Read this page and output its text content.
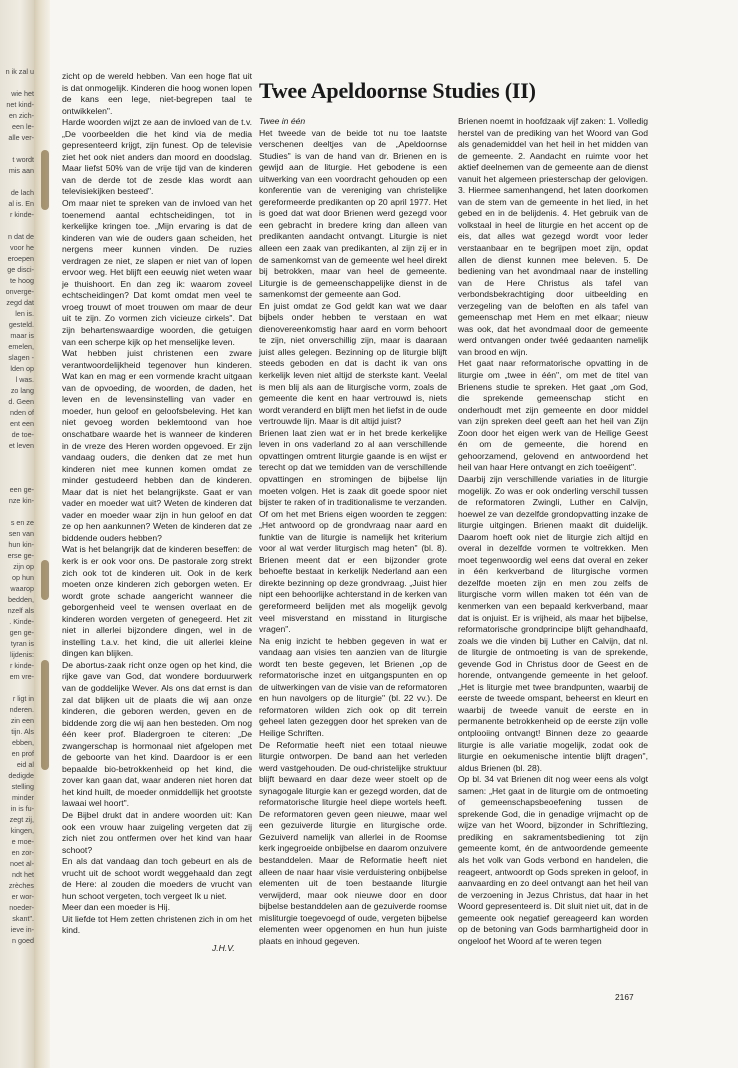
n ik zal u

wie het
net kind-
en zich-
een le-
alle ver-

t wordt
mis aan

de lach
al is. En
r kinde-

n dat de
voor he
eroepen
ge disci-
te hoog
onverge-
zegd dat
len is.
gesteld.
maar is
emelen,
slagen -
lden op
l was.
zo lang
d. Geen
nden of
ent een
de toe-
et leven

een ge-
nze kin-

s en ze
sen van
hun kin-
erse ge-
zijn op
op hun
waarop
bedden,
nzelf als
. Kinde-
gen ge-
tyran is
lijdenis:
r kinde-
em vre-

r ligt in
nderen.
zin een
tijn. Als
ebben,
en prof
eid al
dedigde
stelling
minder
in is fu-
zegt zij,
kingen,
e moe-
en zor-
noet al-
ndt het
zrèches
er wor-
noeder-
skant".
ieve in-
n goed

zicht op de wereld hebben. Van een hoge flat uit is dat onmogelijk. Kinderen die hoog wonen lopen de kans een lege, niet-begrepen taal te ontwikkelen".

Harde woorden wijzt ze aan de invloed van de t.v. „De voorbeelden die het kind via de media gepresenteerd krijgt, zijn funest. Op de televisie ziet het ook niet anders dan moord en doodslag. Maar liefst 50% van de vrije tijd van de kinderen van de derde tot de zesde klas wordt aan televisiekijken besteed".

Om maar niet te spreken van de invloed van het toenemend aantal echtscheidingen, tot in kerkelijke kringen toe. „Mijn ervaring is dat de kinderen van wie de ouders gaan scheiden, het nergens meer kunnen vinden. De ruzies verdragen ze niet, ze slapen er niet van of lopen ervoor weg. Het blijft een eeuwig niet weten waar je thuishoort. En dan zeg ik: waarom zoveel echtscheidingen? Dat komt omdat men veel te vroeg trouwt of moet trouwen om maar de deur uit te zijn. Zo vormen zich vicieuze cirkels". Dat zijn behartenswaardige woorden, die getuigen van een scherpe kijk op het menselijke leven.

Wat hebben juist christenen een zware verantwoordelijkheid tegenover hun kinderen. Wat kan en mag er een vormende kracht uitgaan van de opvoeding, de woorden, de daden, het leven en de levensinstelling van vader en moeder, hun geloof en geloofsbeleving. Het kan niet gevoeg worden beklemtoond van hoe onschatbare waarde het is wanneer de kinderen in de vreze des Heren worden opgevoed. Er zijn vandaag ouders, die denken dat ze met hun kinderen niet mee kunnen komen omdat ze minder gestudeerd hebben dan de kinderen. Maar dat is niet het belangrijkste. Gaat er van vader en moeder wat uit? Weten de kinderen dat vader en moeder waar zijn in hun geloof en dat ze op hen aankunnen? Weten de kinderen dat ze biddende ouders hebben?

Wat is het belangrijk dat de kinderen beseffen: de kerk is er ook voor ons. De pastorale zorg strekt zich ook tot de kinderen uit. Ook in de kerk moeten onze kinderen zich geborgen weten. Er wordt grote schade aangericht wanneer die geborgenheid veel te wensen overlaat en de kinderen worden vergeten of genegeerd. Het zit niet in allerlei bijzondere dingen, wel in de instelling t.a.v. het kind, die uit allerlei kleine dingen kan blijken.

De abortus-zaak richt onze ogen op het kind, die rijke gave van God, dat wondere borduurwerk van de goddelijke Wever. Als ons dat ernst is dan zal dat blijken uit de plaats die wij aan onze kinderen, die geboren werden, geven en de biddende zorg die wij aan hen besteden. Om nog één keer prof. Bladergroen te citeren: „De zwangerschap is hormonaal niet afgelopen met de geboorte van het kind. Daardoor is er een bepaalde bio-betrokkenheid op het kind, die zover kan gaan dat, waar anderen niet horen dat het kind huilt, de moeder onmiddellijk het grootste lawaai wel hoort".

De Bijbel drukt dat in andere woorden uit: Kan ook een vrouw haar zuigeling vergeten dat zij zich niet zou ontfermen over het kind van haar schoot?

En als dat vandaag dan toch gebeurt en als de vrucht uit de schoot wordt weggehaald dan zegt de Here: al zouden die moeders de vrucht van hun schoot vergeten, toch vergeet Ik u niet.

Meer dan een moeder is Hij.

Uit liefde tot Hem zetten christenen zich in om het kind.

J.H.V.
Twee Apeldoornse Studies (II)

Twee in één

Het tweede van de beide tot nu toe laatste verschenen deeltjes van de „Apeldoornse Studies" is van de hand van dr. Brienen en is gewijd aan de liturgie. Het gebodene is een uitwerking van een voordracht gehouden op een konferentie van de vereniging van christelijke gereformeerde predikanten op 20 april 1977. Het is goed dat wat door Brienen werd gezegd voor een gebracht in bredere kring dan alleen van predikanten aandacht ontvangt. Liturgie is niet alleen een zaak van predikanten, al zijn zij er in de samenkomst van de gemeente wel heel direkt bij betrokken, maar van heel de gemeente. Liturgie is de gemeenschappelijke dienst in de samenkomst der gemeente aan God.

En juist omdat ze God geldt kan wat we daar bijbels onder hebben te verstaan en wat dienovereenkomstig haar aard en vorm behoort te zijn, niet onverschillig zijn, maar is daaraan juist alles gelegen. Bezinning op de liturgie blijft steeds geboden en dat is dacht ik van ons kerkelijk leven niet altijd de sterkste kant. Veelal is men blij als aan de liturgische vorm, zoals de gemeente die kent en haar vertrouwd is, niets wordt veranderd en blijft men het liefst in de oude vertrouwde lijn. Maar is dit altijd juist?

Brienen laat zien wat er in het brede kerkelijke leven in ons vaderland zo al aan verschillende opvattingen omtrent liturgie gaande is en wijst er terecht op dat we temidden van de verschillende opvattingen en stromingen de bijbelse lijn moeten volgen. Het is zaak dit goede spoor niet bijster te raken of in traditionalisme te verzanden. Of om het met Briens eigen woorden te zeggen: „Het antwoord op de grondvraag naar aard en funktie van de liturgie is namelijk het kriterium voor al wat verder liturgisch mag heten" (bl. 8). Brienen meent dat er een bijzonder grote behoefte bestaat in kerkelijk Nederland aan een direkte bezinning op deze grondvraag. „Juist hier nipt een behoorlijke achterstand in de kerken van gereformeerd belijden met als mogelijk gevolg veel misverstand en misstand in liturgische vragen".

Na enig inzicht te hebben gegeven in wat er vandaag aan visies ten aanzien van de liturgie wordt ten beste gegeven, let Brienen „op de reformatorische inzet en uitgangspunten en op de uitwerkingen van de visie van de reformatoren en hun navolgers op de liturgie" (bl. 22 vv.). De reformatoren wilden zich ook op dit terrein geheel laten gezeggen door het spreken van de Heilige Schriften.

De Reformatie heeft niet een totaal nieuwe liturgie ontworpen. De band aan het verleden werd vastgehouden. De oud-christelijke struktuur blijft bewaard en daar deze weer stoelt op de synagogale liturgie kan er gezegd worden, dat de reformatorische liturgie heel diepe wortels heeft. De reformatoren geven geen nieuwe, maar wel een gezuiverde liturgie en liturgische orde. Gezuiverd namelijk van allerlei in de Roomse kerk ingegroeide onbijbelse en daarom onzuivere bestanddelen. Maar de Reformatie heeft niet alleen de naar haar visie verduistering onbijbelse elementen uit de toen bestaande liturgie verwijderd, maar ook nieuwe door en door bijbelse bestanddelen aan de gezuiverde roomse misliturgie toegevoegd of oude, vergeten bijbelse elementen weer opgenomen en hun hun juiste plaats en inhoud gegeven.

Brienen noemt in hoofdzaak vijf zaken: 1. Volledig herstel van de prediking van het Woord van God als genademiddel van het heil in het midden van de gemeente. 2. Aandacht en ruimte voor het aktief deelnemen van de gemeente aan de dienst vanuit het algemeen priesterschap der gelovigen. 3. Hiermee samenhangend, het laten doorkomen van de stem van de gemeente in het lied, in het gebed en in de belijdenis. 4. Het gebruik van de volkstaal in heel de liturgie en het accent op de eis, dat alles wat gezegd wordt voor leder verstaanbaar en te begrijpen moet zijn, opdat allen de dienst kunnen mee beleven. 5. De bediening van het avondmaal naar de instelling van de Here Christus als tafel van verbondsbekrachtiging door uitbeelding en verzegeling van de beloften en als tafel van gemeenschap met Hem en met elkaar; nieuw was ook, dat het avondmaal door de gemeente werd ontvangen onder twéé gedaanten namelijk van brood en wijn.

Het gaat naar reformatorische opvatting in de liturgie om „twee in één", om met de titel van Brienens studie te spreken. Het gaat „om God, die sprekende gemeenschap sticht en onderhoudt met zijn gemeente en door middel van zijn spreken deel geeft aan het heil van Zijn Zoon door het eigen werk van de Heilige Geest én om de gemeente, die horend en gehoorzamend, gelovend en antwoordend het heil van haar Here ontvangt en zich toeëigent".

Daarbij zijn verschillende variaties in de liturgie mogelijk. Zo was er ook onderling verschil tussen de reformatoren Zwingli, Luther en Calvijn, hoewel ze van dezelfde grondopvatting inzake de liturgie uitgingen. Brienen maakt dit duidelijk. Daarom hoeft ook niet de liturgie zich altijd en overal in dezelfde vormen te voltrekken. Men moet tegenwoordig wel eens dat overal en zeker in één kerkverband de liturgische vormen dezelfde moeten zijn en men zou zelfs de liturgische vorm willen maken tot één van de kenmerken van een bepaald kerkverband, maar dat is onjuist. Er is vrijheid, als maar het bijbelse, reformatorische grondprincipe blijft gehandhaafd, zoals we die vinden bij Luther en Calvijn, dat nl. de liturgie de ontmoeting is van de sprekende, gevende God in Christus door de Geest en de horende, ontvangende gemeente in het geloof. „Het is liturgie met twee brandpunten, waarbij de eerste de tweede omspant, beheerst en kleurt en waarbij de tweede vanuit de eerste en in permanente betrokkenheid op de eerste zijn volle ontplooiing ontvangt! Binnen deze zo geaarde liturgie is alle variatie mogelijk, zodat ook de liturgie en oekumenische intentie blijft dragen", aldus Brienen (bl. 28).

Op bl. 34 vat Brienen dit nog weer eens als volgt samen: „Het gaat in de liturgie om de ontmoeting of gemeenschapsbeoefening tussen de sprekende God, die in genadige vrijmacht op de wijze van het Woord, bijzonder in Schriftlezing, prediking en sakramentsbediening tot zijn gemeente komt, én de antwoordende gemeente als het volk van Gods verbond en handelen, die reageert, antwoordt op Gods spreken in geloof, in aanvaarding en zo deel ontvangt aan het heil van de verzoening in Jezus Christus, dat haar in het Woord gepresenteerd is. Dit sluit niet uit, dat in de gemeente ook negatief gereageerd kan worden op de betoning van Gods barmhartigheid door in ongeloof het Woord af te weren tegen

2167
